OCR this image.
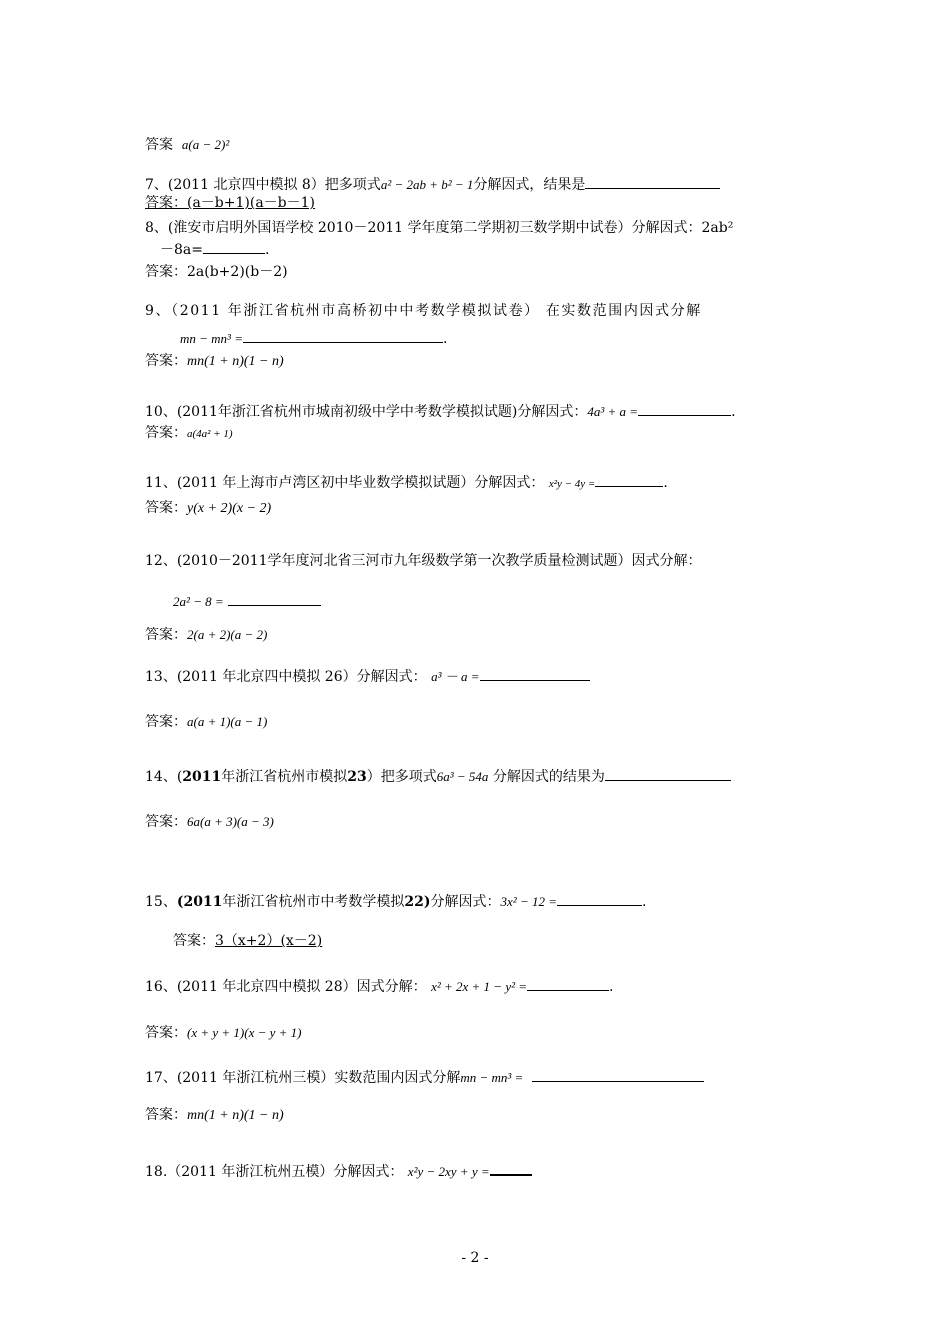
答案 a(a − 2)²
7、(2011 北京四中模拟 8）把多项式a² − 2ab + b² − 1分解因式，结果是
答案：(a－b+1)(a－b－1)
8、(淮安市启明外国语学校 2010－2011 学年度第二学期初三数学期中试卷）分解因式：2ab²
－8a=	.
答案：2a(b+2)(b－2)
9、（2011 年浙江省杭州市高桥初中中考数学模拟试卷） 在实数范围内因式分解
mn − mn³ =	.
答案：mn(1 + n)(1 − n)
10、(2011年浙江省杭州市城南初级中学中考数学模拟试题)分解因式：4a³ + a =	.
答案：a(4a² + 1)
11、(2011 年上海市卢湾区初中毕业数学模拟试题）分解因式： x²y − 4y =	.
答案：y(x + 2)(x − 2)
12、(2010－2011学年度河北省三河市九年级数学第一次教学质量检测试题）因式分解：
2a² − 8 =
答案：2(a + 2)(a − 2)
13、(2011 年北京四中模拟 26）分解因式： a³ － a =
答案：a(a + 1)(a − 1)
14、(2011年浙江省杭州市模拟23）把多项式6a³ − 54a 分解因式的结果为
答案：6a(a + 3)(a − 3)
15、(2011年浙江省杭州市中考数学模拟22)分解因式：3x² − 12 =	.
答案：3（x+2）(x－2)
16、(2011 年北京四中模拟 28）因式分解： x² + 2x + 1 − y² =	.
答案：(x + y + 1)(x − y + 1)
17、(2011 年浙江杭州三模）实数范围内因式分解mn − mn³ =
答案：mn(1 + n)(1 − n)
18.（2011 年浙江杭州五模）分解因式： x²y − 2xy + y =
- 2 -
